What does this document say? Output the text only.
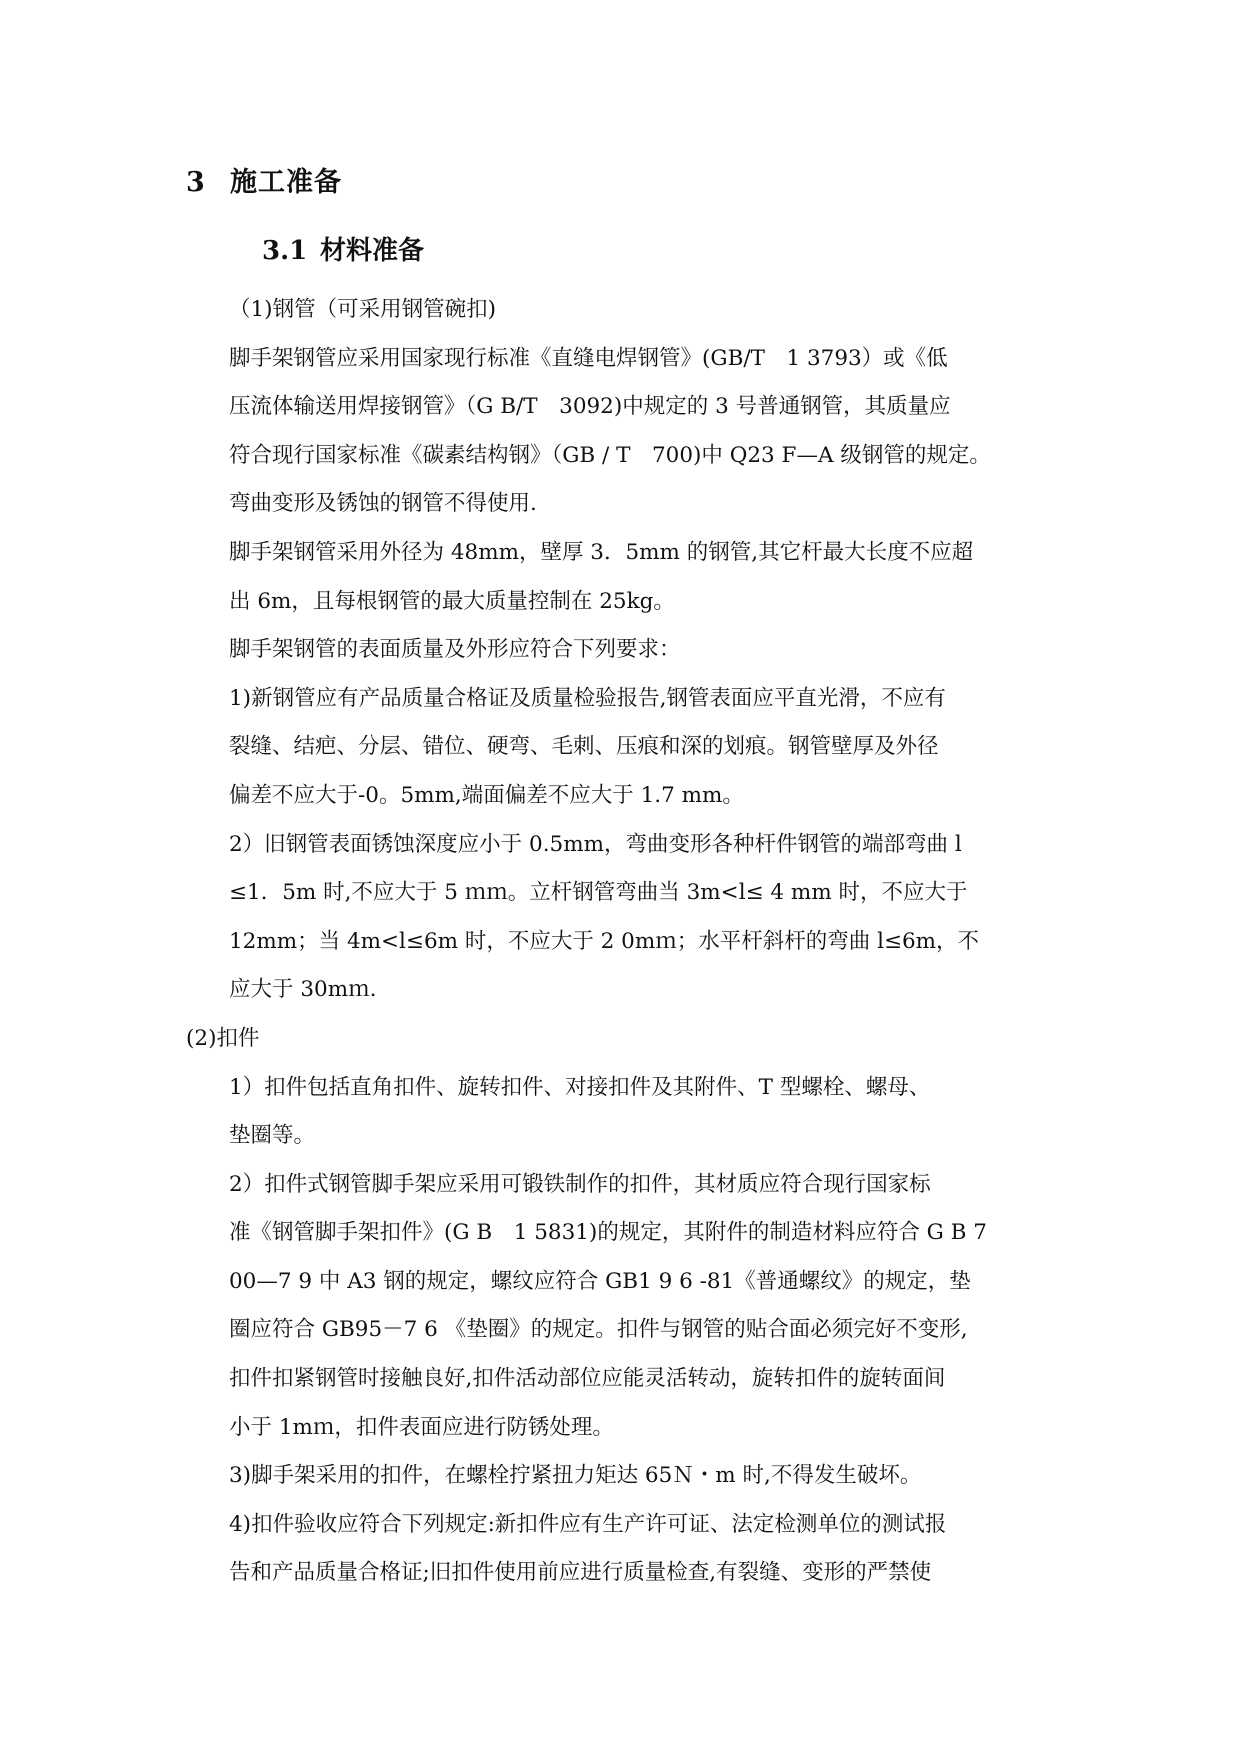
3 施工准备
3.1 材料准备
（1)钢管（可采用钢管碗扣)
脚手架钢管应采用国家现行标准《直缝电焊钢管》(GB/T　1 3793）或《低
压流体输送用焊接钢管》（G B/T　3092)中规定的 3 号普通钢管，其质量应
符合现行国家标准《碳素结构钢》（GB / T　700)中 Q23 F—A 级钢管的规定。
弯曲变形及锈蚀的钢管不得使用.
脚手架钢管采用外径为 48mm，壁厚 3．5mm 的钢管,其它杆最大长度不应超
出 6m，且每根钢管的最大质量控制在 25kg。
脚手架钢管的表面质量及外形应符合下列要求：
1)新钢管应有产品质量合格证及质量检验报告,钢管表面应平直光滑，不应有
裂缝、结疤、分层、错位、硬弯、毛刺、压痕和深的划痕。钢管壁厚及外径
偏差不应大于-0。5mm,端面偏差不应大于 1.7 mm。
2）旧钢管表面锈蚀深度应小于 0.5mm，弯曲变形各种杆件钢管的端部弯曲 l
≤1．5m 时,不应大于 5 ｍｍ。立杆钢管弯曲当 3m<l≤ 4 mm 时，不应大于
12mm；当 4m<l≤6m 时，不应大于 2 0mｍ；水平杆斜杆的弯曲 l≤6m，不
应大于 30mｍ.
(2)扣件
1）扣件包括直角扣件、旋转扣件、对接扣件及其附件、T 型螺栓、螺母、
垫圈等。
2）扣件式钢管脚手架应采用可锻铁制作的扣件，其材质应符合现行国家标
准《钢管脚手架扣件》(G B　1 5831)的规定，其附件的制造材料应符合 G B 7
00—7 9 中 A3 钢的规定，螺纹应符合 GB1 9 6 -81《普通螺纹》的规定，垫
圈应符合 GB95－7 6 《垫圈》的规定。扣件与钢管的贴合面必须完好不变形,
扣件扣紧钢管时接触良好,扣件活动部位应能灵活转动，旋转扣件的旋转面间
小于 1mｍ，扣件表面应进行防锈处理。
3)脚手架采用的扣件，在螺栓拧紧扭力矩达 65Ｎ・m 时,不得发生破坏。
4)扣件验收应符合下列规定:新扣件应有生产许可证、法定检测单位的测试报
告和产品质量合格证;旧扣件使用前应进行质量检查,有裂缝、变形的严禁使
